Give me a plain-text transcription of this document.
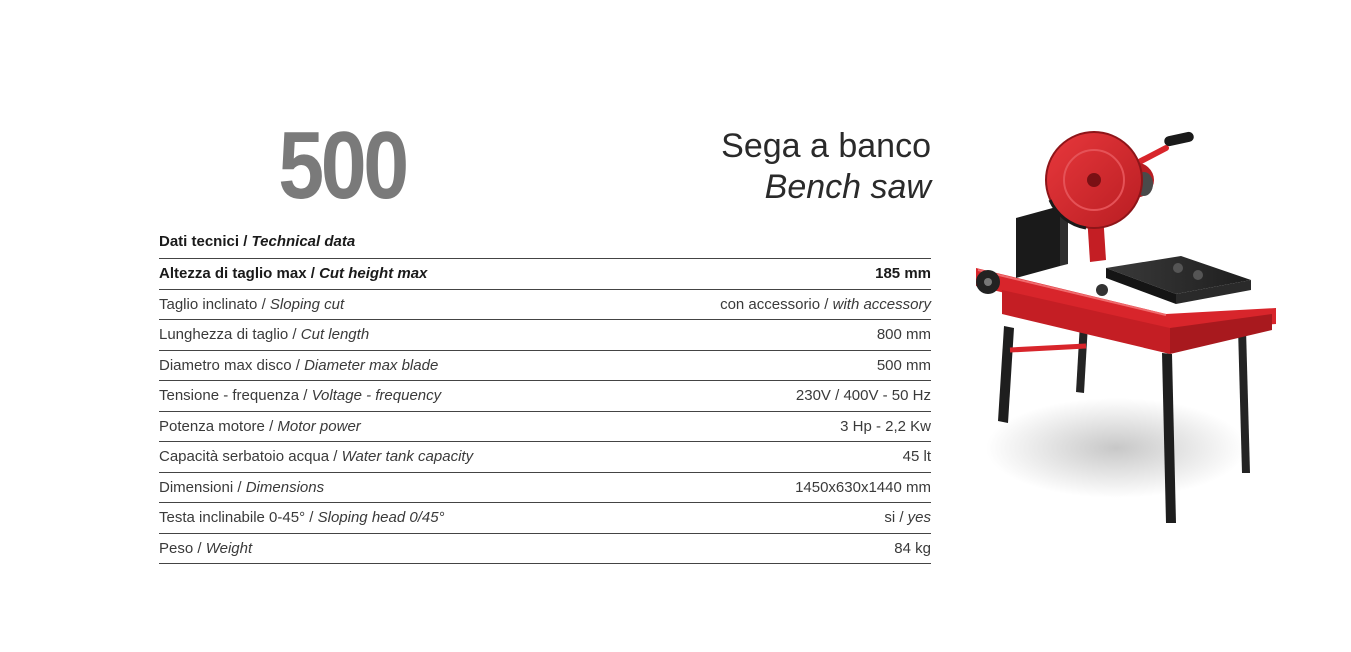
500	Sega a banco
Bench saw
Dati tecnici / Technical data
Altezza di taglio max / Cut height max	185 mm
Taglio inclinato / Sloping cut	con accessorio / with accessory
Lunghezza di taglio / Cut length	800 mm
Diametro max disco / Diameter max blade	500 mm
Tensione - frequenza / Voltage - frequency	230V / 400V - 50 Hz
Potenza motore / Motor power	3 Hp - 2,2 Kw
Capacità serbatoio acqua / Water tank capacity	45 lt
Dimensioni / Dimensions	1450x630x1440 mm
Testa inclinabile 0-45° / Sloping head 0/45°	si / yes
Peso / Weight	84 kg
